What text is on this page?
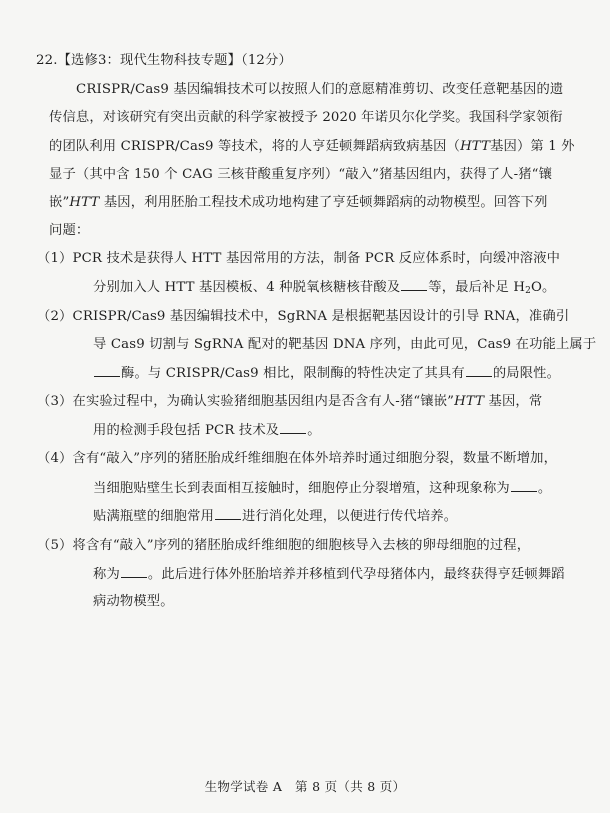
22.【选修3：现代生物科技专题】（12分）
CRISPR/Cas9 基因编辑技术可以按照人们的意愿精准剪切、改变任意靶基因的遗
传信息，对该研究有突出贡献的科学家被授予 2020 年诺贝尔化学奖。我国科学家领衔
的团队利用 CRISPR/Cas9 等技术，将的人亨廷顿舞蹈病致病基因（HTT基因）第 1 外
显子（其中含 150 个 CAG 三核苷酸重复序列）“敲入”猪基因组内，获得了人-猪“镶
嵌”HTT 基因，利用胚胎工程技术成功地构建了亨廷顿舞蹈病的动物模型。回答下列
问题：
（1）PCR 技术是获得人 HTT 基因常用的方法，制备 PCR 反应体系时，向缓冲溶液中
分别加入人 HTT 基因模板、4 种脱氧核糖核苷酸及 等，最后补足 $H_2O$。
（2）CRISPR/Cas9 基因编辑技术中，SgRNA 是根据靶基因设计的引导 RNA，准确引
导 Cas9 切割与 SgRNA 配对的靶基因 DNA 序列，由此可见，Cas9 在功能上属于
酶。与 CRISPR/Cas9 相比，限制酶的特性决定了其具有 的局限性。
（3）在实验过程中，为确认实验猪细胞基因组内是否含有人-猪“镶嵌”HTT 基因，常
用的检测手段包括 PCR 技术及 。
（4）含有“敲入”序列的猪胚胎成纤维细胞在体外培养时通过细胞分裂，数量不断增加，
当细胞贴壁生长到表面相互接触时，细胞停止分裂增殖，这种现象称为 。
贴满瓶壁的细胞常用 进行消化处理，以便进行传代培养。
（5）将含有“敲入”序列的猪胚胎成纤维细胞的细胞核导入去核的卵母细胞的过程，
称为 。此后进行体外胚胎培养并移植到代孕母猪体内，最终获得亨廷顿舞蹈
病动物模型。
生物学试卷 A　第 8 页（共 8 页）
